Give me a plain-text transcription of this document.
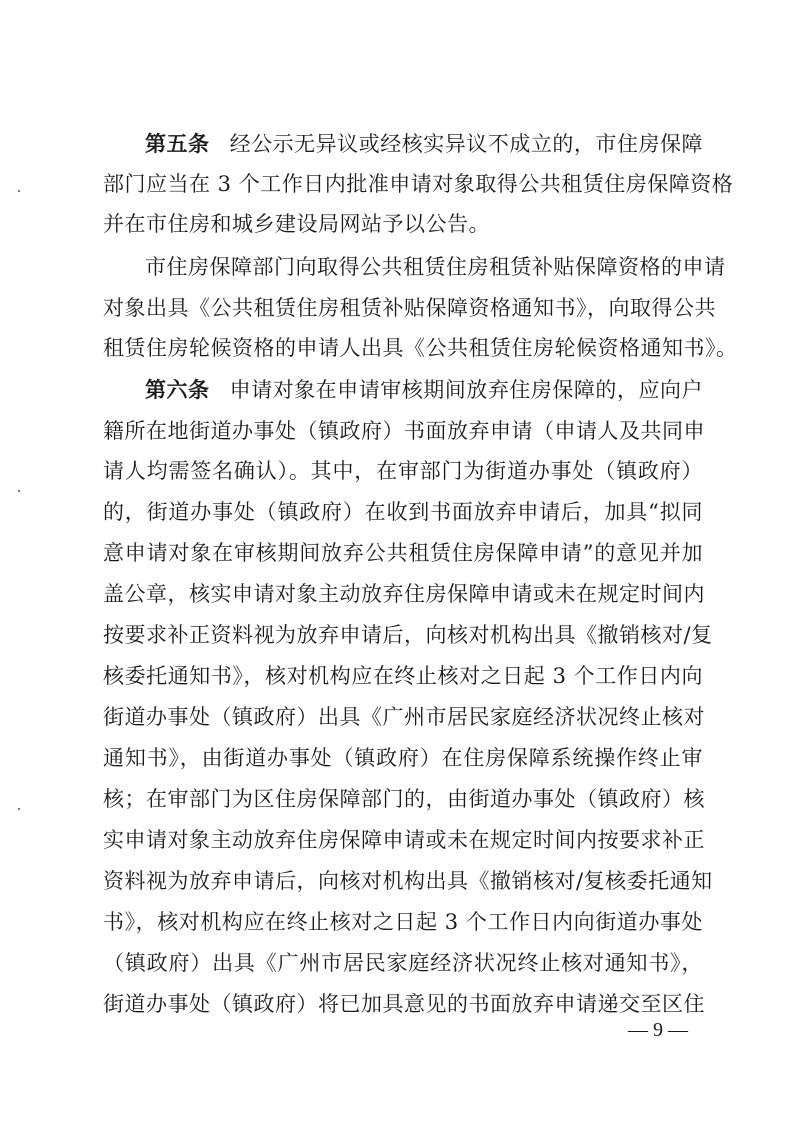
第五条 经公示无异议或经核实异议不成立的，市住房保障
部门应当在 3 个工作日内批准申请对象取得公共租赁住房保障资格
并在市住房和城乡建设局网站予以公告。
市住房保障部门向取得公共租赁住房租赁补贴保障资格的申请
对象出具《公共租赁住房租赁补贴保障资格通知书》，向取得公共
租赁住房轮候资格的申请人出具《公共租赁住房轮候资格通知书》。
第六条 申请对象在申请审核期间放弃住房保障的，应向户
籍所在地街道办事处（镇政府）书面放弃申请（申请人及共同申
请人均需签名确认）。其中，在审部门为街道办事处（镇政府）
的，街道办事处（镇政府）在收到书面放弃申请后，加具“拟同
意申请对象在审核期间放弃公共租赁住房保障申请”的意见并加
盖公章，核实申请对象主动放弃住房保障申请或未在规定时间内
按要求补正资料视为放弃申请后，向核对机构出具《撤销核对/复
核委托通知书》，核对机构应在终止核对之日起 3 个工作日内向
街道办事处（镇政府）出具《广州市居民家庭经济状况终止核对
通知书》，由街道办事处（镇政府）在住房保障系统操作终止审
核；在审部门为区住房保障部门的，由街道办事处（镇政府）核
实申请对象主动放弃住房保障申请或未在规定时间内按要求补正
资料视为放弃申请后，向核对机构出具《撤销核对/复核委托通知
书》，核对机构应在终止核对之日起 3 个工作日内向街道办事处
（镇政府）出具《广州市居民家庭经济状况终止核对通知书》，
街道办事处（镇政府）将已加具意见的书面放弃申请递交至区住
— 9 —
